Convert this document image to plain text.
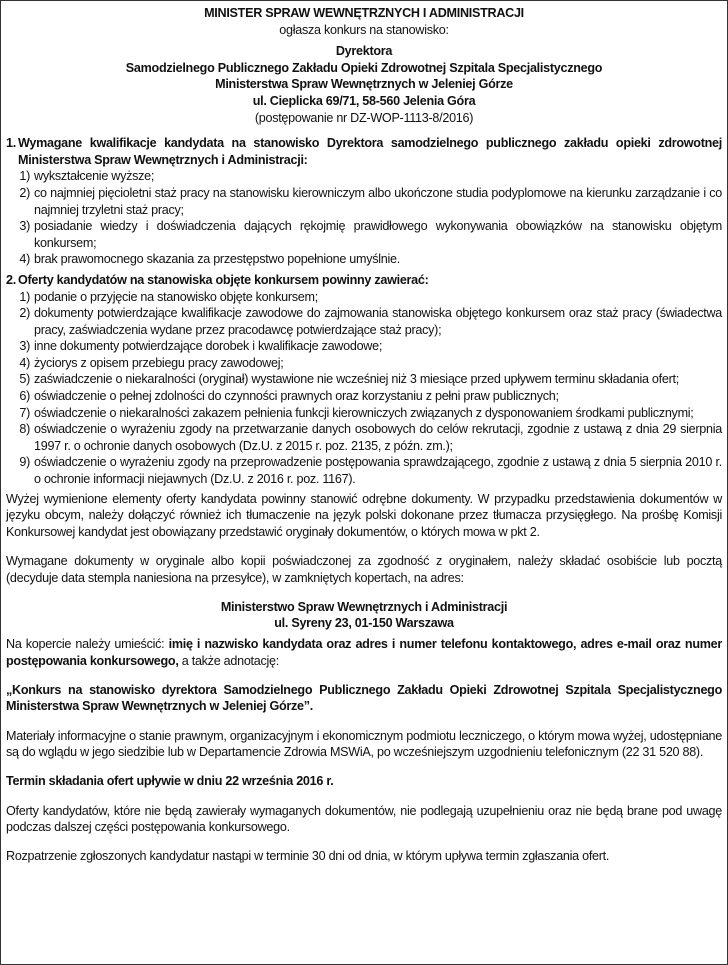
MINISTER SPRAW WEWNĘTRZNYCH I ADMINISTRACJI

ogłasza konkurs na stanowisko:

Dyrektora

Samodzielnego Publicznego Zakładu Opieki Zdrowotnej Szpitala Specjalistycznego

Ministerstwa Spraw Wewnętrznych w Jeleniej Górze

ul. Cieplicka 69/71, 58-560 Jelenia Góra

(postępowanie nr DZ-WOP-1113-8/2016)

1. Wymagane kwalifikacje kandydata na stanowisko Dyrektora samodzielnego publicznego zakładu opieki zdrowotnej Ministerstwa Spraw Wewnętrznych i Administracji:
1) wykształcenie wyższe;
2) co najmniej pięcioletni staż pracy na stanowisku kierowniczym albo ukończone studia podyplomowe na kierunku zarządzanie i co najmniej trzyletni staż pracy;
3) posiadanie wiedzy i doświadczenia dających rękojmię prawidłowego wykonywania obowiązków na stanowisku objętym konkursem;
4) brak prawomocnego skazania za przestępstwo popełnione umyślnie.
2. Oferty kandydatów na stanowiska objęte konkursem powinny zawierać:
1) podanie o przyjęcie na stanowisko objęte konkursem;
2) dokumenty potwierdzające kwalifikacje zawodowe do zajmowania stanowiska objętego konkursem oraz staż pracy (świadectwa pracy, zaświadczenia wydane przez pracodawcę potwierdzające staż pracy);
3) inne dokumenty potwierdzające dorobek i kwalifikacje zawodowe;
4) życiorys z opisem przebiegu pracy zawodowej;
5) zaświadczenie o niekaralności (oryginał) wystawione nie wcześniej niż 3 miesiące przed upływem terminu składania ofert;
6) oświadczenie o pełnej zdolności do czynności prawnych oraz korzystaniu z pełni praw publicznych;
7) oświadczenie o niekaralności zakazem pełnienia funkcji kierowniczych związanych z dysponowaniem środkami publicznymi;
8) oświadczenie o wyrażeniu zgody na przetwarzanie danych osobowych do celów rekrutacji, zgodnie z ustawą z dnia 29 sierpnia 1997 r. o ochronie danych osobowych (Dz.U. z 2015 r. poz. 2135, z późn. zm.);
9) oświadczenie o wyrażeniu zgody na przeprowadzenie postępowania sprawdzającego, zgodnie z ustawą z dnia 5 sierpnia 2010 r. o ochronie informacji niejawnych (Dz.U. z 2016 r. poz. 1167).

Wyżej wymienione elementy oferty kandydata powinny stanowić odrębne dokumenty. W przypadku przedstawienia dokumentów w języku obcym, należy dołączyć również ich tłumaczenie na język polski dokonane przez tłumacza przysięgłego. Na prośbę Komisji Konkursowej kandydat jest obowiązany przedstawić oryginały dokumentów, o których mowa w pkt 2.

Wymagane dokumenty w oryginale albo kopii poświadczonej za zgodność z oryginałem, należy składać osobiście lub pocztą (decyduje data stempla naniesiona na przesyłce), w zamkniętych kopertach, na adres:

Ministerstwo Spraw Wewnętrznych i Administracji

ul. Syreny 23, 01-150 Warszawa

Na kopercie należy umieścić: imię i nazwisko kandydata oraz adres i numer telefonu kontaktowego, adres e-mail oraz numer postępowania konkursowego, a także adnotację:

„Konkurs na stanowisko dyrektora Samodzielnego Publicznego Zakładu Opieki Zdrowotnej Szpitala Specjalistycznego Ministerstwa Spraw Wewnętrznych w Jeleniej Górze”.

Materiały informacyjne o stanie prawnym, organizacyjnym i ekonomicznym podmiotu leczniczego, o którym mowa wyżej, udostępniane są do wglądu w jego siedzibie lub w Departamencie Zdrowia MSWiA, po wcześniejszym uzgodnieniu telefonicznym (22 31 520 88).

Termin składania ofert upływie w dniu 22 września 2016 r.

Oferty kandydatów, które nie będą zawierały wymaganych dokumentów, nie podlegają uzupełnieniu oraz nie będą brane pod uwagę podczas dalszej części postępowania konkursowego.

Rozpatrzenie zgłoszonych kandydatur nastąpi w terminie 30 dni od dnia, w którym upływa termin zgłaszania ofert.
